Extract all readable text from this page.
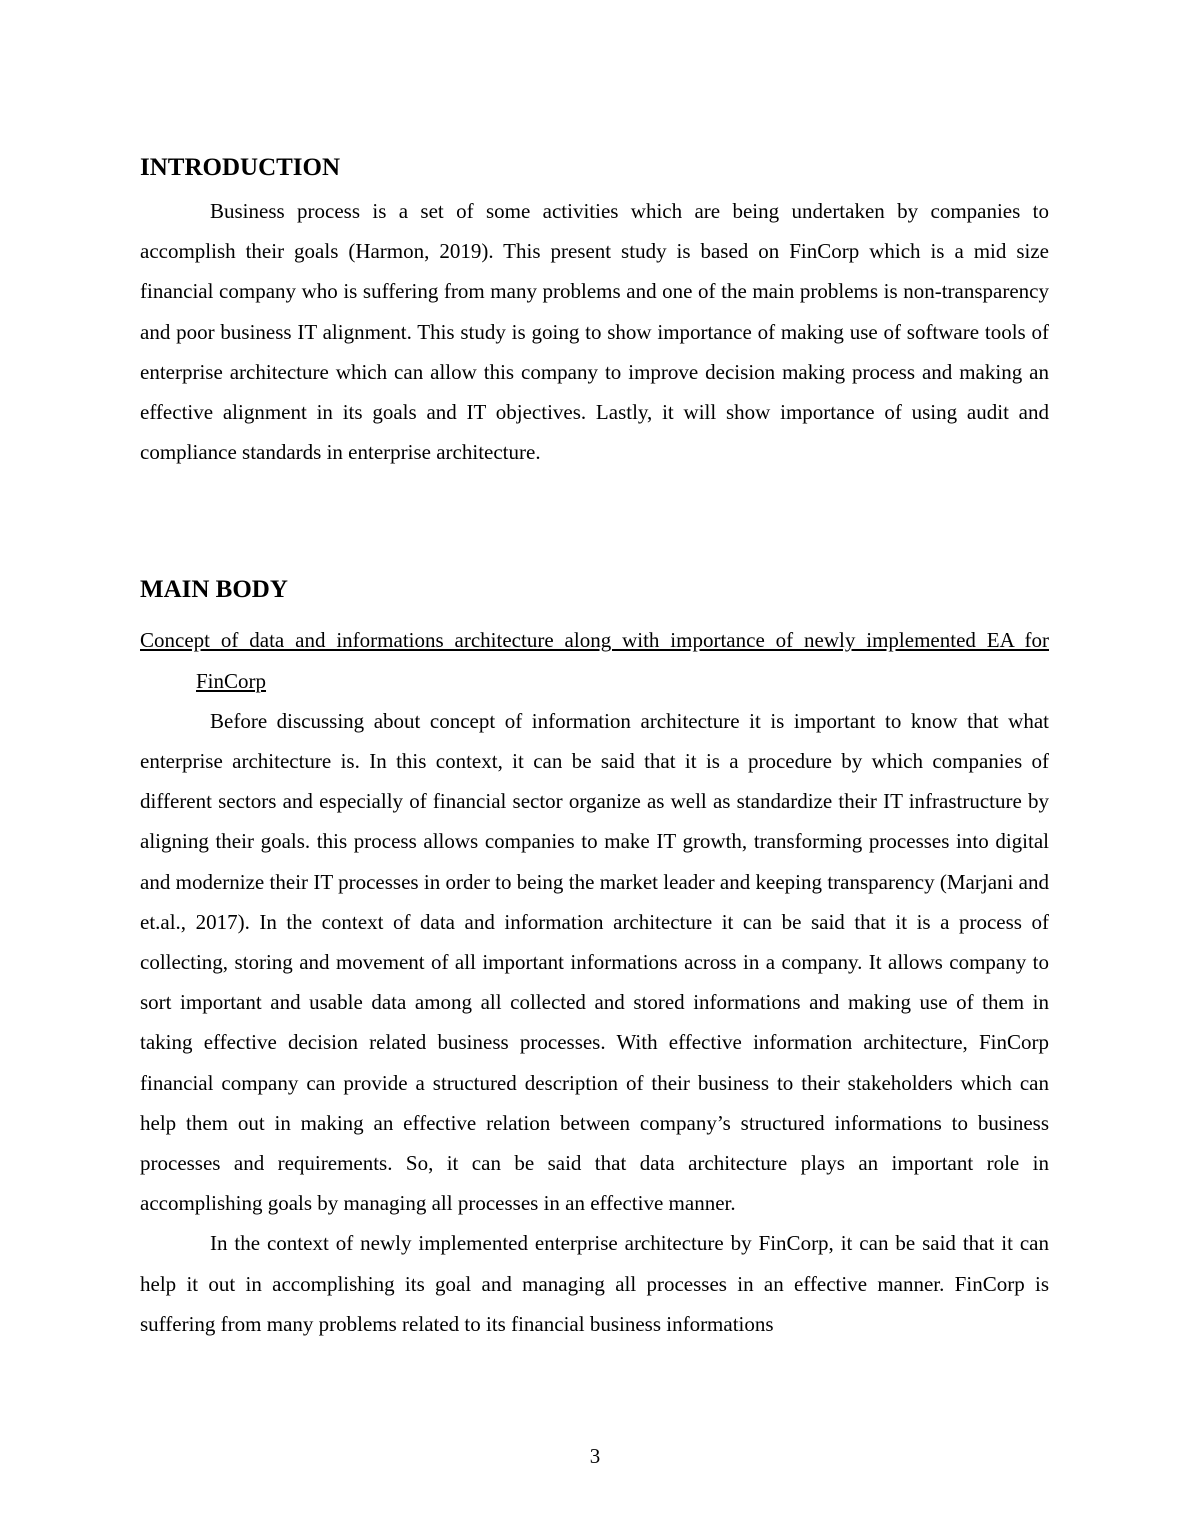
INTRODUCTION

Business process is a set of some activities which are being undertaken by companies to accomplish their goals (Harmon, 2019). This present study is based on FinCorp which is a mid size financial company who is suffering from many problems and one of the main problems is non-transparency and poor business IT alignment. This study is going to show importance of making use of software tools of enterprise architecture which can allow this company to improve decision making process and making an effective alignment in its goals and IT objectives. Lastly, it will show importance of using audit and compliance standards in enterprise architecture.

MAIN BODY

Concept of data and informations architecture along with importance of newly implemented EA for FinCorp

Before discussing about concept of information architecture it is important to know that what enterprise architecture is. In this context, it can be said that it is a procedure by which companies of different sectors and especially of financial sector organize as well as standardize their IT infrastructure by aligning their goals. this process allows companies to make IT growth, transforming processes into digital and modernize their IT processes in order to being the market leader and keeping transparency (Marjani and et.al., 2017). In the context of data and information architecture it can be said that it is a process of collecting, storing and movement of all important informations across in a company. It allows company to sort important and usable data among all collected and stored informations and making use of them in taking effective decision related business processes. With effective information architecture, FinCorp financial company can provide a structured description of their business to their stakeholders which can help them out in making an effective relation between company’s structured informations to business processes and requirements. So, it can be said that data architecture plays an important role in accomplishing goals by managing all processes in an effective manner.

In the context of newly implemented enterprise architecture by FinCorp, it can be said that it can help it out in accomplishing its goal and managing all processes in an effective manner. FinCorp is suffering from many problems related to its financial business informations

3
